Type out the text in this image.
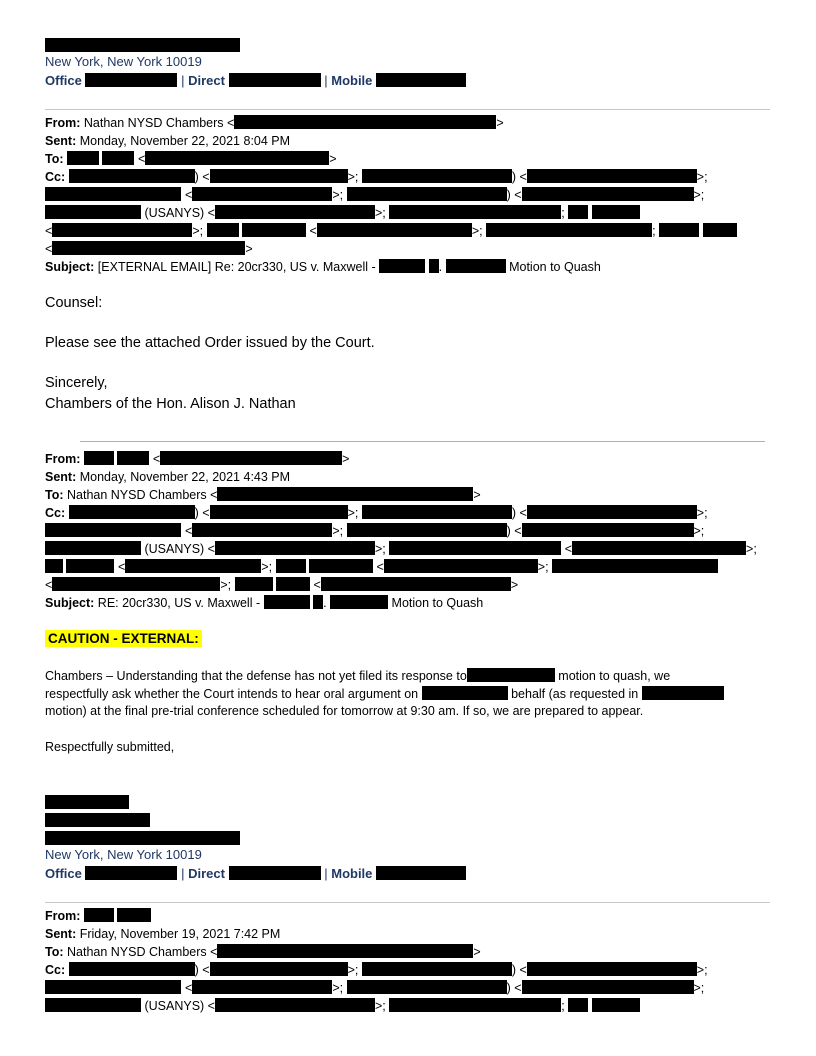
New York, New York 10019
Office	| Direct	| Mobile
From: Nathan NYSD Chambers <	>
Sent: Monday, November 22, 2021 8:04 PM
To:	<	>
Cc:	) <	>;	) <	>;
<	>;	) <	>;
(USANYS) <	>;	;
<	>;	<	>;	;
<	>
Subject: [EXTERNAL EMAIL] Re: 20cr330, US v. Maxwell -	.	Motion to Quash
Counsel:
Please see the attached Order issued by the Court.
Sincerely,
Chambers of the Hon. Alison J. Nathan
From:	<	>
Sent: Monday, November 22, 2021 4:43 PM
To: Nathan NYSD Chambers <	>
Cc:	) <	>;	) <	>;
<	>;	) <	>;
(USANYS) <	>;	<	>;
<	>;	<	>;
<	>;	<	>
Subject: RE: 20cr330, US v. Maxwell -	.	Motion to Quash
CAUTION - EXTERNAL:
Chambers – Understanding that the defense has not yet filed its response to	motion to quash, we
respectfully ask whether the Court intends to hear oral argument on	behalf (as requested in
motion) at the final pre-trial conference scheduled for tomorrow at 9:30 am. If so, we are prepared to appear.
Respectfully submitted,
New York, New York 10019
Office	| Direct	| Mobile
From:
Sent: Friday, November 19, 2021 7:42 PM
To: Nathan NYSD Chambers <	>
Cc:	) <	>;	) <	>;
<	>;	) <	>;
(USANYS) <	>;	;
